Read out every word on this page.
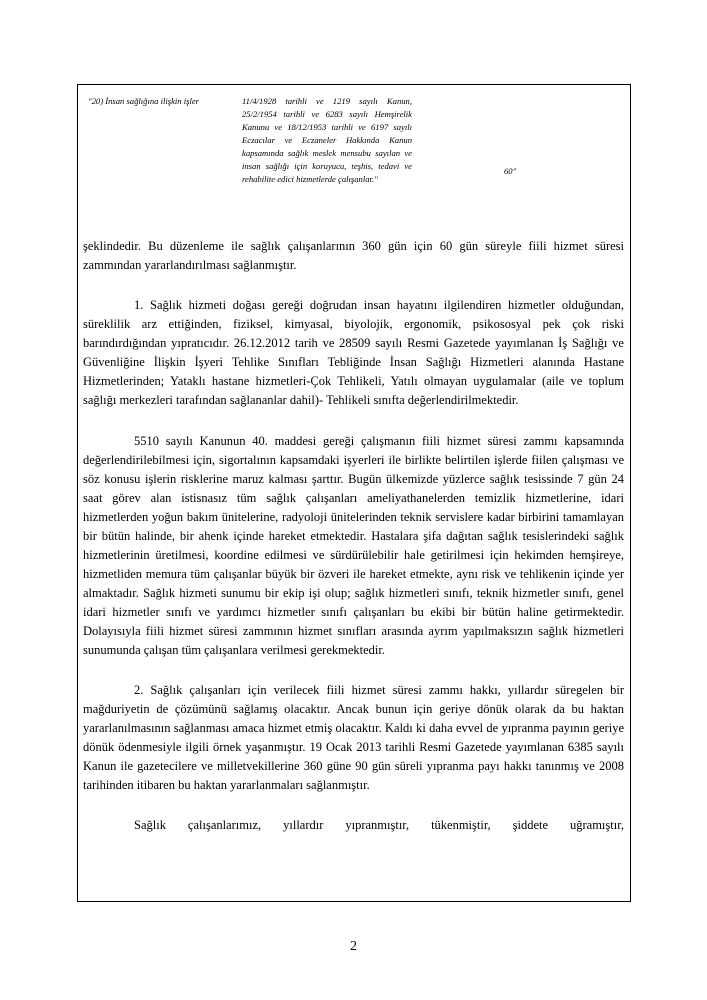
"20) İnsan sağlığına ilişkin işler	11/4/1928 tarihli ve 1219 sayılı Kanun, 25/2/1954 tarihli ve 6283 sayılı Hemşirelik Kanunu ve 18/12/1953 tarihli ve 6197 sayılı Eczacılar ve Eczaneler Hakkında Kanun kapsamında sağlık meslek mensubu sayılan ve insan sağlığı için koruyucu, teşhis, tedavi ve rehabilite edici hizmetlerde çalışanlar."
60"

şeklindedir. Bu düzenleme ile sağlık çalışanlarının 360 gün için 60 gün süreyle fiili hizmet süresi zammından yararlandırılması sağlanmıştır.

1. Sağlık hizmeti doğası gereği doğrudan insan hayatını ilgilendiren hizmetler olduğundan, süreklilik arz ettiğinden, fiziksel, kimyasal, biyolojik, ergonomik, psikososyal pek çok riski barındırdığından yıpratıcıdır. 26.12.2012 tarih ve 28509 sayılı Resmi Gazetede yayımlanan İş Sağlığı ve Güvenliğine İlişkin İşyeri Tehlike Sınıfları Tebliğinde İnsan Sağlığı Hizmetleri alanında Hastane Hizmetlerinden; Yataklı hastane hizmetleri-Çok Tehlikeli, Yatılı olmayan uygulamalar (aile ve toplum sağlığı merkezleri tarafından sağlananlar dahil)- Tehlikeli sınıfta değerlendirilmektedir.

5510 sayılı Kanunun 40. maddesi gereği çalışmanın fiili hizmet süresi zammı kapsamında değerlendirilebilmesi için, sigortalının kapsamdaki işyerleri ile birlikte belirtilen işlerde fiilen çalışması ve söz konusu işlerin risklerine maruz kalması şarttır. Bugün ülkemizde yüzlerce sağlık tesissinde 7 gün 24 saat görev alan istisnasız tüm sağlık çalışanları ameliyathanelerden temizlik hizmetlerine, idari hizmetlerden yoğun bakım ünitelerine, radyoloji ünitelerinden teknik servislere kadar birbirini tamamlayan bir bütün halinde, bir ahenk içinde hareket etmektedir. Hastalara şifa dağıtan sağlık tesislerindeki sağlık hizmetlerinin üretilmesi, koordine edilmesi ve sürdürülebilir hale getirilmesi için hekimden hemşireye, hizmetliden memura tüm çalışanlar büyük bir özveri ile hareket etmekte, aynı risk ve tehlikenin içinde yer almaktadır. Sağlık hizmeti sunumu bir ekip işi olup; sağlık hizmetleri sınıfı, teknik hizmetler sınıfı, genel idari hizmetler sınıfı ve yardımcı hizmetler sınıfı çalışanları bu ekibi bir bütün haline getirmektedir. Dolayısıyla fiili hizmet süresi zammının hizmet sınıfları arasında ayrım yapılmaksızın sağlık hizmetleri sunumunda çalışan tüm çalışanlara verilmesi gerekmektedir.

2. Sağlık çalışanları için verilecek fiili hizmet süresi zammı hakkı, yıllardır süregelen bir mağduriyetin de çözümünü sağlamış olacaktır. Ancak bunun için geriye dönük olarak da bu haktan yararlanılmasının sağlanması amaca hizmet etmiş olacaktır. Kaldı ki daha evvel de yıpranma payının geriye dönük ödenmesiyle ilgili örnek yaşanmıştır. 19 Ocak 2013 tarihli Resmi Gazetede yayımlanan 6385 sayılı Kanun ile gazetecilere ve milletvekillerine 360 güne 90 gün süreli yıpranma payı hakkı tanınmış ve 2008 tarihinden itibaren bu haktan yararlanmaları sağlanmıştır.

Sağlık çalışanlarımız, yıllardır yıpranmıştır, tükenmiştir, şiddete uğramıştır,

2
